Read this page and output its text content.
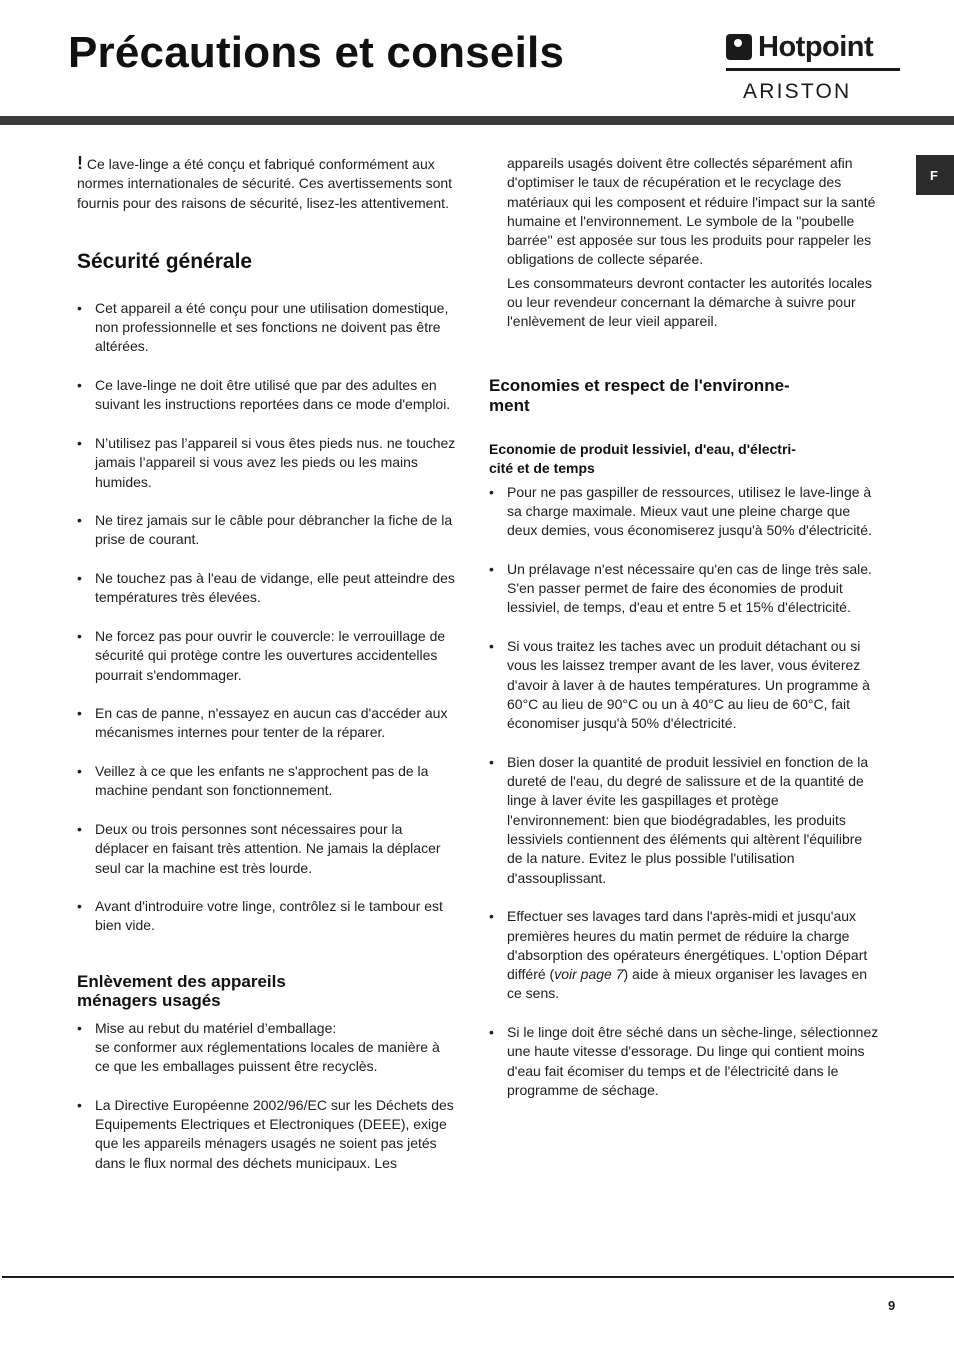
Précautions et conseils	Hotpoint
ARISTON
F

! Ce lave-linge a été conçu et fabriqué conformément aux normes internationales de sécurité. Ces avertissements sont fournis pour des raisons de sécurité, lisez-les attentivement.

Sécurité générale
• Cet appareil a été conçu pour une utilisation domestique, non professionnelle et ses fonctions ne doivent pas être altérées.
• Ce lave-linge ne doit être utilisé que par des adultes en suivant les instructions reportées dans ce mode d'emploi.
• N’utilisez pas l’appareil si vous êtes pieds nus. ne touchez jamais l’appareil si vous avez les pieds ou les mains humides.
• Ne tirez jamais sur le câble pour débrancher la fiche de la prise de courant.
• Ne touchez pas à l'eau de vidange, elle peut atteindre des températures très élevées.
• Ne forcez pas pour ouvrir le couvercle: le verrouillage de sécurité qui protège contre les ouvertures accidentelles pourrait s'endommager.
• En cas de panne, n'essayez en aucun cas d'accéder aux mécanismes internes pour tenter de la réparer.
• Veillez à ce que les enfants ne s'approchent pas de la machine pendant son fonctionnement.
• Deux ou trois personnes sont nécessaires pour la déplacer en faisant très attention. Ne jamais la déplacer seul car la machine est très lourde.
• Avant d'introduire votre linge, contrôlez si le tambour est bien vide.
Enlèvement des appareils
ménagers usagés
• Mise au rebut du matériel d’emballage:
se conformer aux réglementations locales de manière à ce que les emballages puissent être recyclès.
• La Directive Européenne 2002/96/EC sur les Déchets des Equipements Electriques et Electroniques (DEEE), exige que les appareils ménagers usagés ne soient pas jetés dans le flux normal des déchets municipaux. Les

appareils usagés doivent être collectés séparément afin d'optimiser le taux de récupération et le recyclage des matériaux qui les composent et réduire l'impact sur la santé humaine et l'environnement. Le symbole de la ''poubelle barrée'' est apposée sur tous les produits pour rappeler les obligations de collecte séparée.

Les consommateurs devront contacter les autorités locales ou leur revendeur concernant la démarche à suivre pour l'enlèvement de leur vieil appareil.

Economies et respect de l'environne-
ment
Economie de produit lessiviel, d'eau, d'électri-
cité et de temps
• Pour ne pas gaspiller de ressources, utilisez le lave-linge à sa charge maximale. Mieux vaut une pleine charge que deux demies, vous économiserez jusqu'à 50% d'électricité.
• Un prélavage n'est nécessaire qu'en cas de linge très sale. S'en passer permet de faire des économies de produit lessiviel, de temps, d'eau et entre 5 et 15% d'électricité.
• Si vous traitez les taches avec un produit détachant ou si vous les laissez tremper avant de les laver, vous éviterez d'avoir à laver à de hautes températures. Un programme à 60°C au lieu de 90°C ou un à 40°C au lieu de 60°C, fait économiser jusqu'à 50% d'électricité.
• Bien doser la quantité de produit lessiviel en fonction de la dureté de l'eau, du degré de salissure et de la quantité de linge à laver évite les gaspillages et protège l'environnement: bien que biodégradables, les produits lessiviels contiennent des éléments qui altèrent l'équilibre de la nature. Evitez le plus possible l'utilisation d'assouplissant.
• Effectuer ses lavages tard dans l'après-midi et jusqu'aux premières heures du matin permet de réduire la charge d'absorption des opérateurs énergétiques. L'option Départ différé (voir page 7) aide à mieux organiser les lavages en ce sens.
• Si le linge doit être séché dans un sèche-linge, sélectionnez une haute vitesse d'essorage. Du linge qui contient moins d'eau fait écomiser du temps et de l'électricité dans le programme de séchage.
9
